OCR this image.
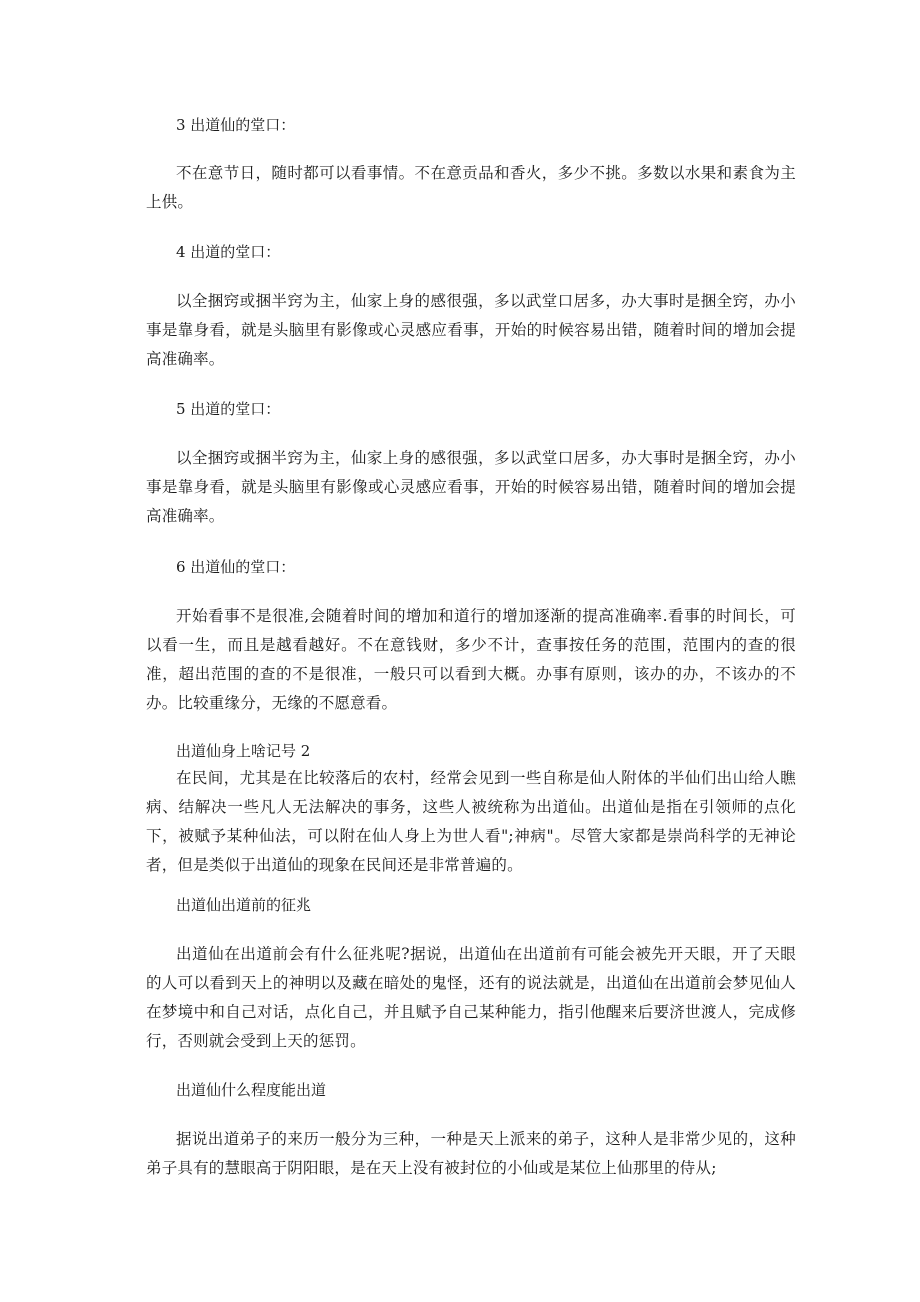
3 出道仙的堂口：

不在意节日，随时都可以看事情。不在意贡品和香火，多少不挑。多数以水果和素食为主上供。

4 出道的堂口：

以全捆窍或捆半窍为主，仙家上身的感很强，多以武堂口居多，办大事时是捆全窍，办小事是靠身看，就是头脑里有影像或心灵感应看事，开始的时候容易出错，随着时间的增加会提高准确率。

5 出道的堂口：

以全捆窍或捆半窍为主，仙家上身的感很强，多以武堂口居多，办大事时是捆全窍，办小事是靠身看，就是头脑里有影像或心灵感应看事，开始的时候容易出错，随着时间的增加会提高准确率。

6 出道仙的堂口：

开始看事不是很准,会随着时间的增加和道行的增加逐渐的提高准确率.看事的时间长，可以看一生，而且是越看越好。不在意钱财，多少不计，查事按任务的范围，范围内的查的很准，超出范围的查的不是很准，一般只可以看到大概。办事有原则，该办的办，不该办的不办。比较重缘分，无缘的不愿意看。

出道仙身上啥记号 2

在民间，尤其是在比较落后的农村，经常会见到一些自称是仙人附体的半仙们出山给人瞧病、结解决一些凡人无法解决的事务，这些人被统称为出道仙。出道仙是指在引领师的点化下，被赋予某种仙法，可以附在仙人身上为世人看";神病"。尽管大家都是崇尚科学的无神论者，但是类似于出道仙的现象在民间还是非常普遍的。

出道仙出道前的征兆

出道仙在出道前会有什么征兆呢?据说，出道仙在出道前有可能会被先开天眼，开了天眼的人可以看到天上的神明以及藏在暗处的鬼怪，还有的说法就是，出道仙在出道前会梦见仙人在梦境中和自己对话，点化自己，并且赋予自己某种能力，指引他醒来后要济世渡人，完成修行，否则就会受到上天的惩罚。

出道仙什么程度能出道

据说出道弟子的来历一般分为三种，一种是天上派来的弟子，这种人是非常少见的，这种弟子具有的慧眼高于阴阳眼，是在天上没有被封位的小仙或是某位上仙那里的侍从;
